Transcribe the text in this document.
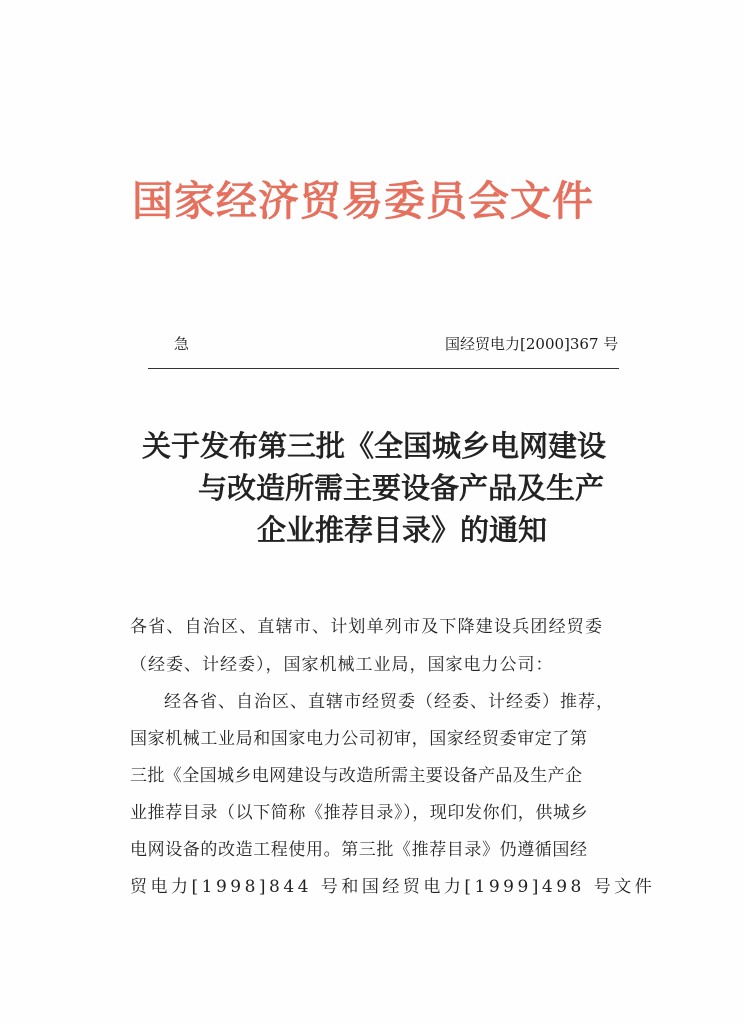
国家经济贸易委员会文件
急	国经贸电力[2000]367 号
关于发布第三批《全国城乡电网建设
与改造所需主要设备产品及生产
企业推荐目录》的通知
各省、自治区、直辖市、计划单列市及下降建设兵团经贸委
（经委、计经委），国家机械工业局，国家电力公司：
经各省、自治区、直辖市经贸委（经委、计经委）推荐，
国家机械工业局和国家电力公司初审，国家经贸委审定了第
三批《全国城乡电网建设与改造所需主要设备产品及生产企
业推荐目录（以下简称《推荐目录》），现印发你们，供城乡
电网设备的改造工程使用。第三批《推荐目录》仍遵循国经
贸电力[1998]844 号和国经贸电力[1999]498 号文件
